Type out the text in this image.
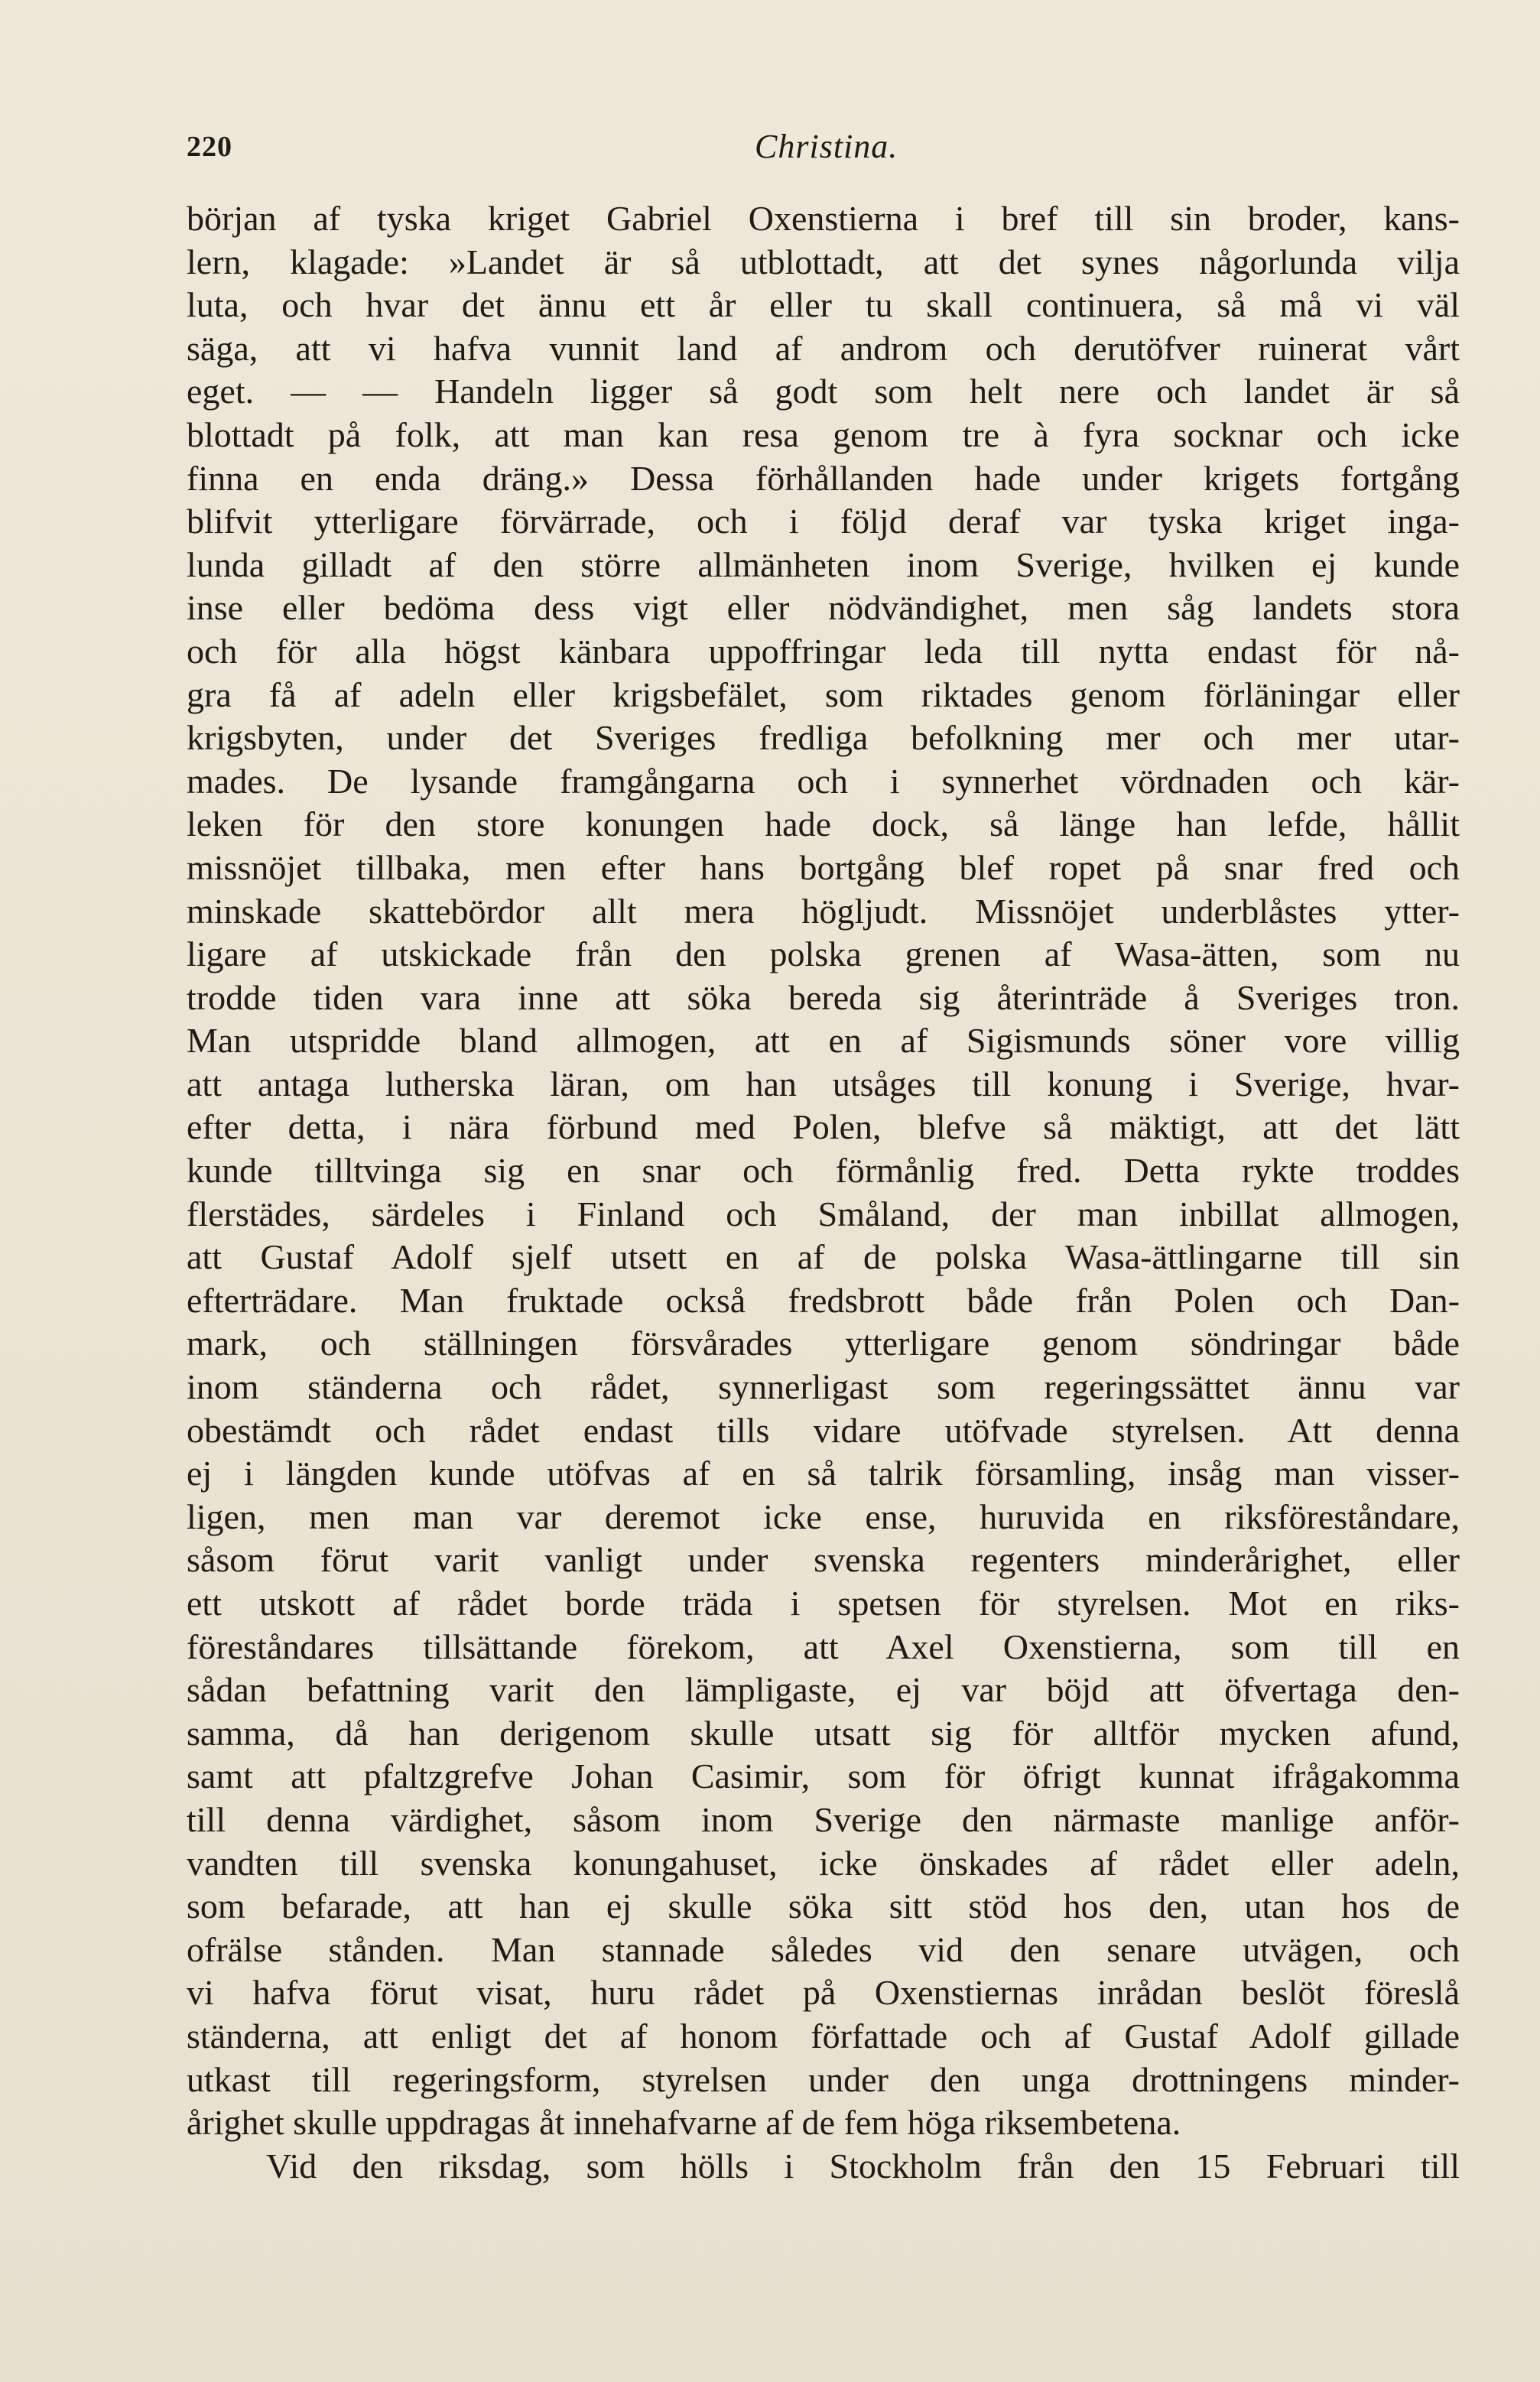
220	Christina.
början af tyska kriget Gabriel Oxenstierna i bref till sin broder, kans-
lern, klagade: »Landet är så utblottadt, att det synes någorlunda vilja
luta, och hvar det ännu ett år eller tu skall continuera, så må vi väl
säga, att vi hafva vunnit land af androm och derutöfver ruinerat vårt
eget. — — Handeln ligger så godt som helt nere och landet är så
blottadt på folk, att man kan resa genom tre à fyra socknar och icke
finna en enda dräng.» Dessa förhållanden hade under krigets fortgång
blifvit ytterligare förvärrade, och i följd deraf var tyska kriget inga-
lunda gilladt af den större allmänheten inom Sverige, hvilken ej kunde
inse eller bedöma dess vigt eller nödvändighet, men såg landets stora
och för alla högst känbara uppoffringar leda till nytta endast för nå-
gra få af adeln eller krigsbefälet, som riktades genom förläningar eller
krigsbyten, under det Sveriges fredliga befolkning mer och mer utar-
mades. De lysande framgångarna och i synnerhet vördnaden och kär-
leken för den store konungen hade dock, så länge han lefde, hållit
missnöjet tillbaka, men efter hans bortgång blef ropet på snar fred och
minskade skattebördor allt mera högljudt. Missnöjet underblåstes ytter-
ligare af utskickade från den polska grenen af Wasa-ätten, som nu
trodde tiden vara inne att söka bereda sig återinträde å Sveriges tron.
Man utspridde bland allmogen, att en af Sigismunds söner vore villig
att antaga lutherska läran, om han utsåges till konung i Sverige, hvar-
efter detta, i nära förbund med Polen, blefve så mäktigt, att det lätt
kunde tilltvinga sig en snar och förmånlig fred. Detta rykte troddes
flerstädes, särdeles i Finland och Småland, der man inbillat allmogen,
att Gustaf Adolf sjelf utsett en af de polska Wasa-ättlingarne till sin
efterträdare. Man fruktade också fredsbrott både från Polen och Dan-
mark, och ställningen försvårades ytterligare genom söndringar både
inom ständerna och rådet, synnerligast som regeringssättet ännu var
obestämdt och rådet endast tills vidare utöfvade styrelsen. Att denna
ej i längden kunde utöfvas af en så talrik församling, insåg man visser-
ligen, men man var deremot icke ense, huruvida en riksföreståndare,
såsom förut varit vanligt under svenska regenters minderårighet, eller
ett utskott af rådet borde träda i spetsen för styrelsen. Mot en riks-
föreståndares tillsättande förekom, att Axel Oxenstierna, som till en
sådan befattning varit den lämpligaste, ej var böjd att öfvertaga den-
samma, då han derigenom skulle utsatt sig för alltför mycken afund,
samt att pfaltzgrefve Johan Casimir, som för öfrigt kunnat ifrågakomma
till denna värdighet, såsom inom Sverige den närmaste manlige anför-
vandten till svenska konungahuset, icke önskades af rådet eller adeln,
som befarade, att han ej skulle söka sitt stöd hos den, utan hos de
ofrälse stånden. Man stannade således vid den senare utvägen, och
vi hafva förut visat, huru rådet på Oxenstiernas inrådan beslöt föreslå
ständerna, att enligt det af honom författade och af Gustaf Adolf gillade
utkast till regeringsform, styrelsen under den unga drottningens minder-
årighet skulle uppdragas åt innehafvarne af de fem höga riksembetena.
Vid den riksdag, som hölls i Stockholm från den 15 Februari till
